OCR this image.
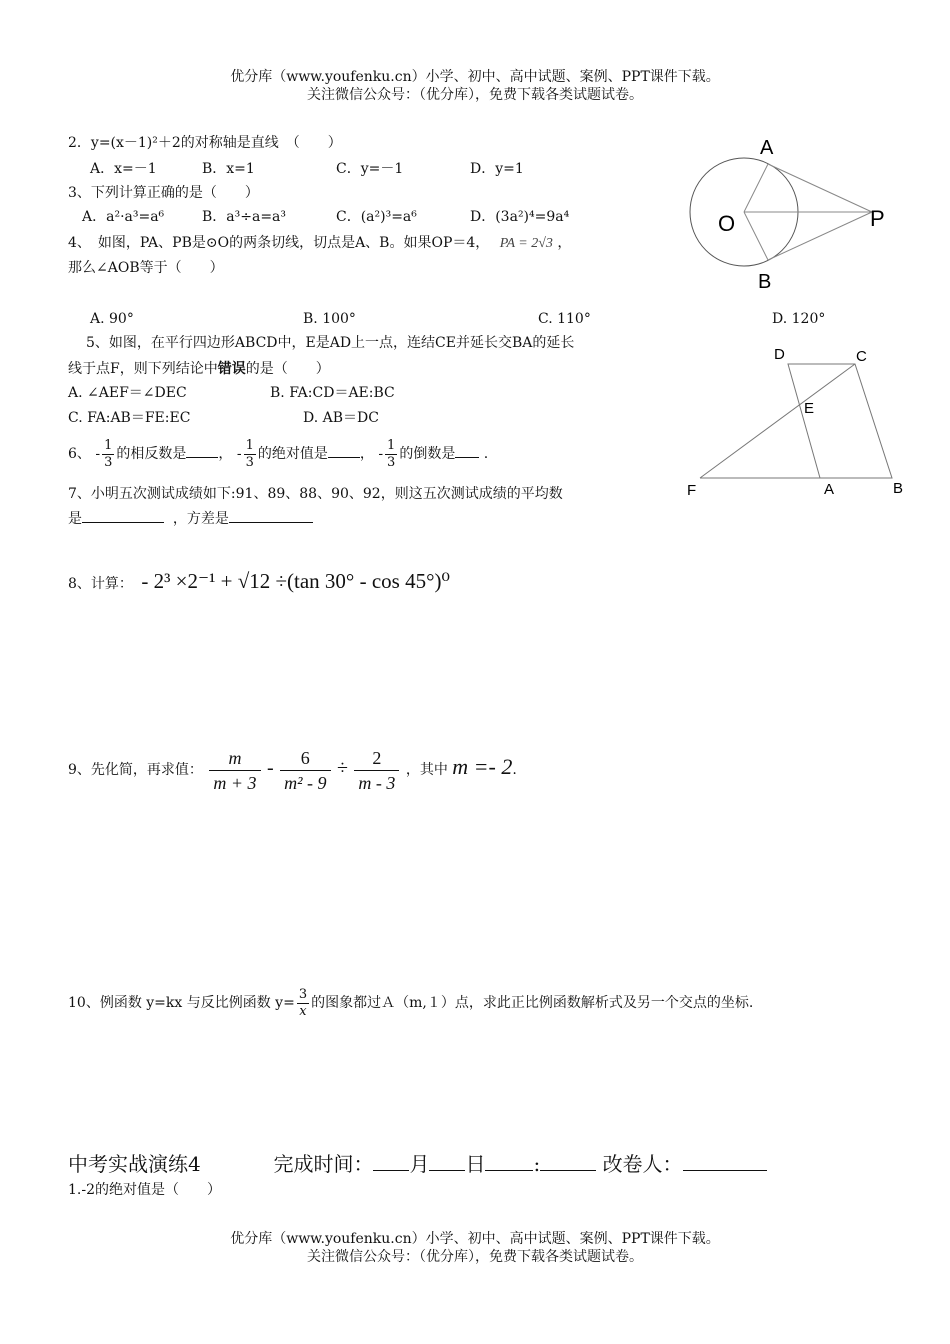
优分库（www.youfenku.cn）小学、初中、高中试题、案例、PPT课件下载。
关注微信公众号：（优分库），免费下载各类试题试卷。
A
O	P
B
D	C
E
F	A	B
2．y=(x－1)²＋2的对称轴是直线　（　　）
A．x=－1	B．x=1	C．y=－1	D．y=1
3、下列计算正确的是（　　）
A．a²·a³=a⁶	B．a³÷a=a³	C．(a²)³=a⁶	D．(3a²)⁴=9a⁴
4、　如图，PA、PB是⊙O的两条切线，切点是A、B。如果OP＝4， PA = 2√3 ，
那么∠AOB等于（　　）
A. 90°	B. 100°	C. 110°	D. 120°
5、如图，在平行四边形ABCD中，E是AD上一点，连结CE并延长交BA的延长
线于点F，则下列结论中错误的是（　　）
A. ∠AEF＝∠DEC	B. FA:CD＝AE:BC
C. FA:AB＝FE:EC	D. AB＝DC
6、 - $\frac{1}{3}$ 的相反数是 ， - $\frac{1}{3}$ 的绝对值是 ， - $\frac{1}{3}$ 的倒数是 .
7、小明五次测试成绩如下:91、89、88、90、92，则这五次测试成绩的平均数
是	，方差是
8、计算： - 2³ ×2⁻¹ + √12 ÷(tan 30° - cos 45°)⁰
9、先化简，再求值： $\frac{m}{m + 3} - \frac{6}{\text{m² - 9}} \div \frac{2}{m - 3}$ ，其中 m =- 2.
10、例函数 y=kx 与反比例函数 $y= \frac{3}{x}$ 的图象都过Ａ（m,１）点，求此正比例函数解析式及另一个交点的坐标.
中考实战演练4	完成时间： 月 日 :	改卷人：
1.-2的绝对值是（　　）
优分库（www.youfenku.cn）小学、初中、高中试题、案例、PPT课件下载。
关注微信公众号：（优分库），免费下载各类试题试卷。
